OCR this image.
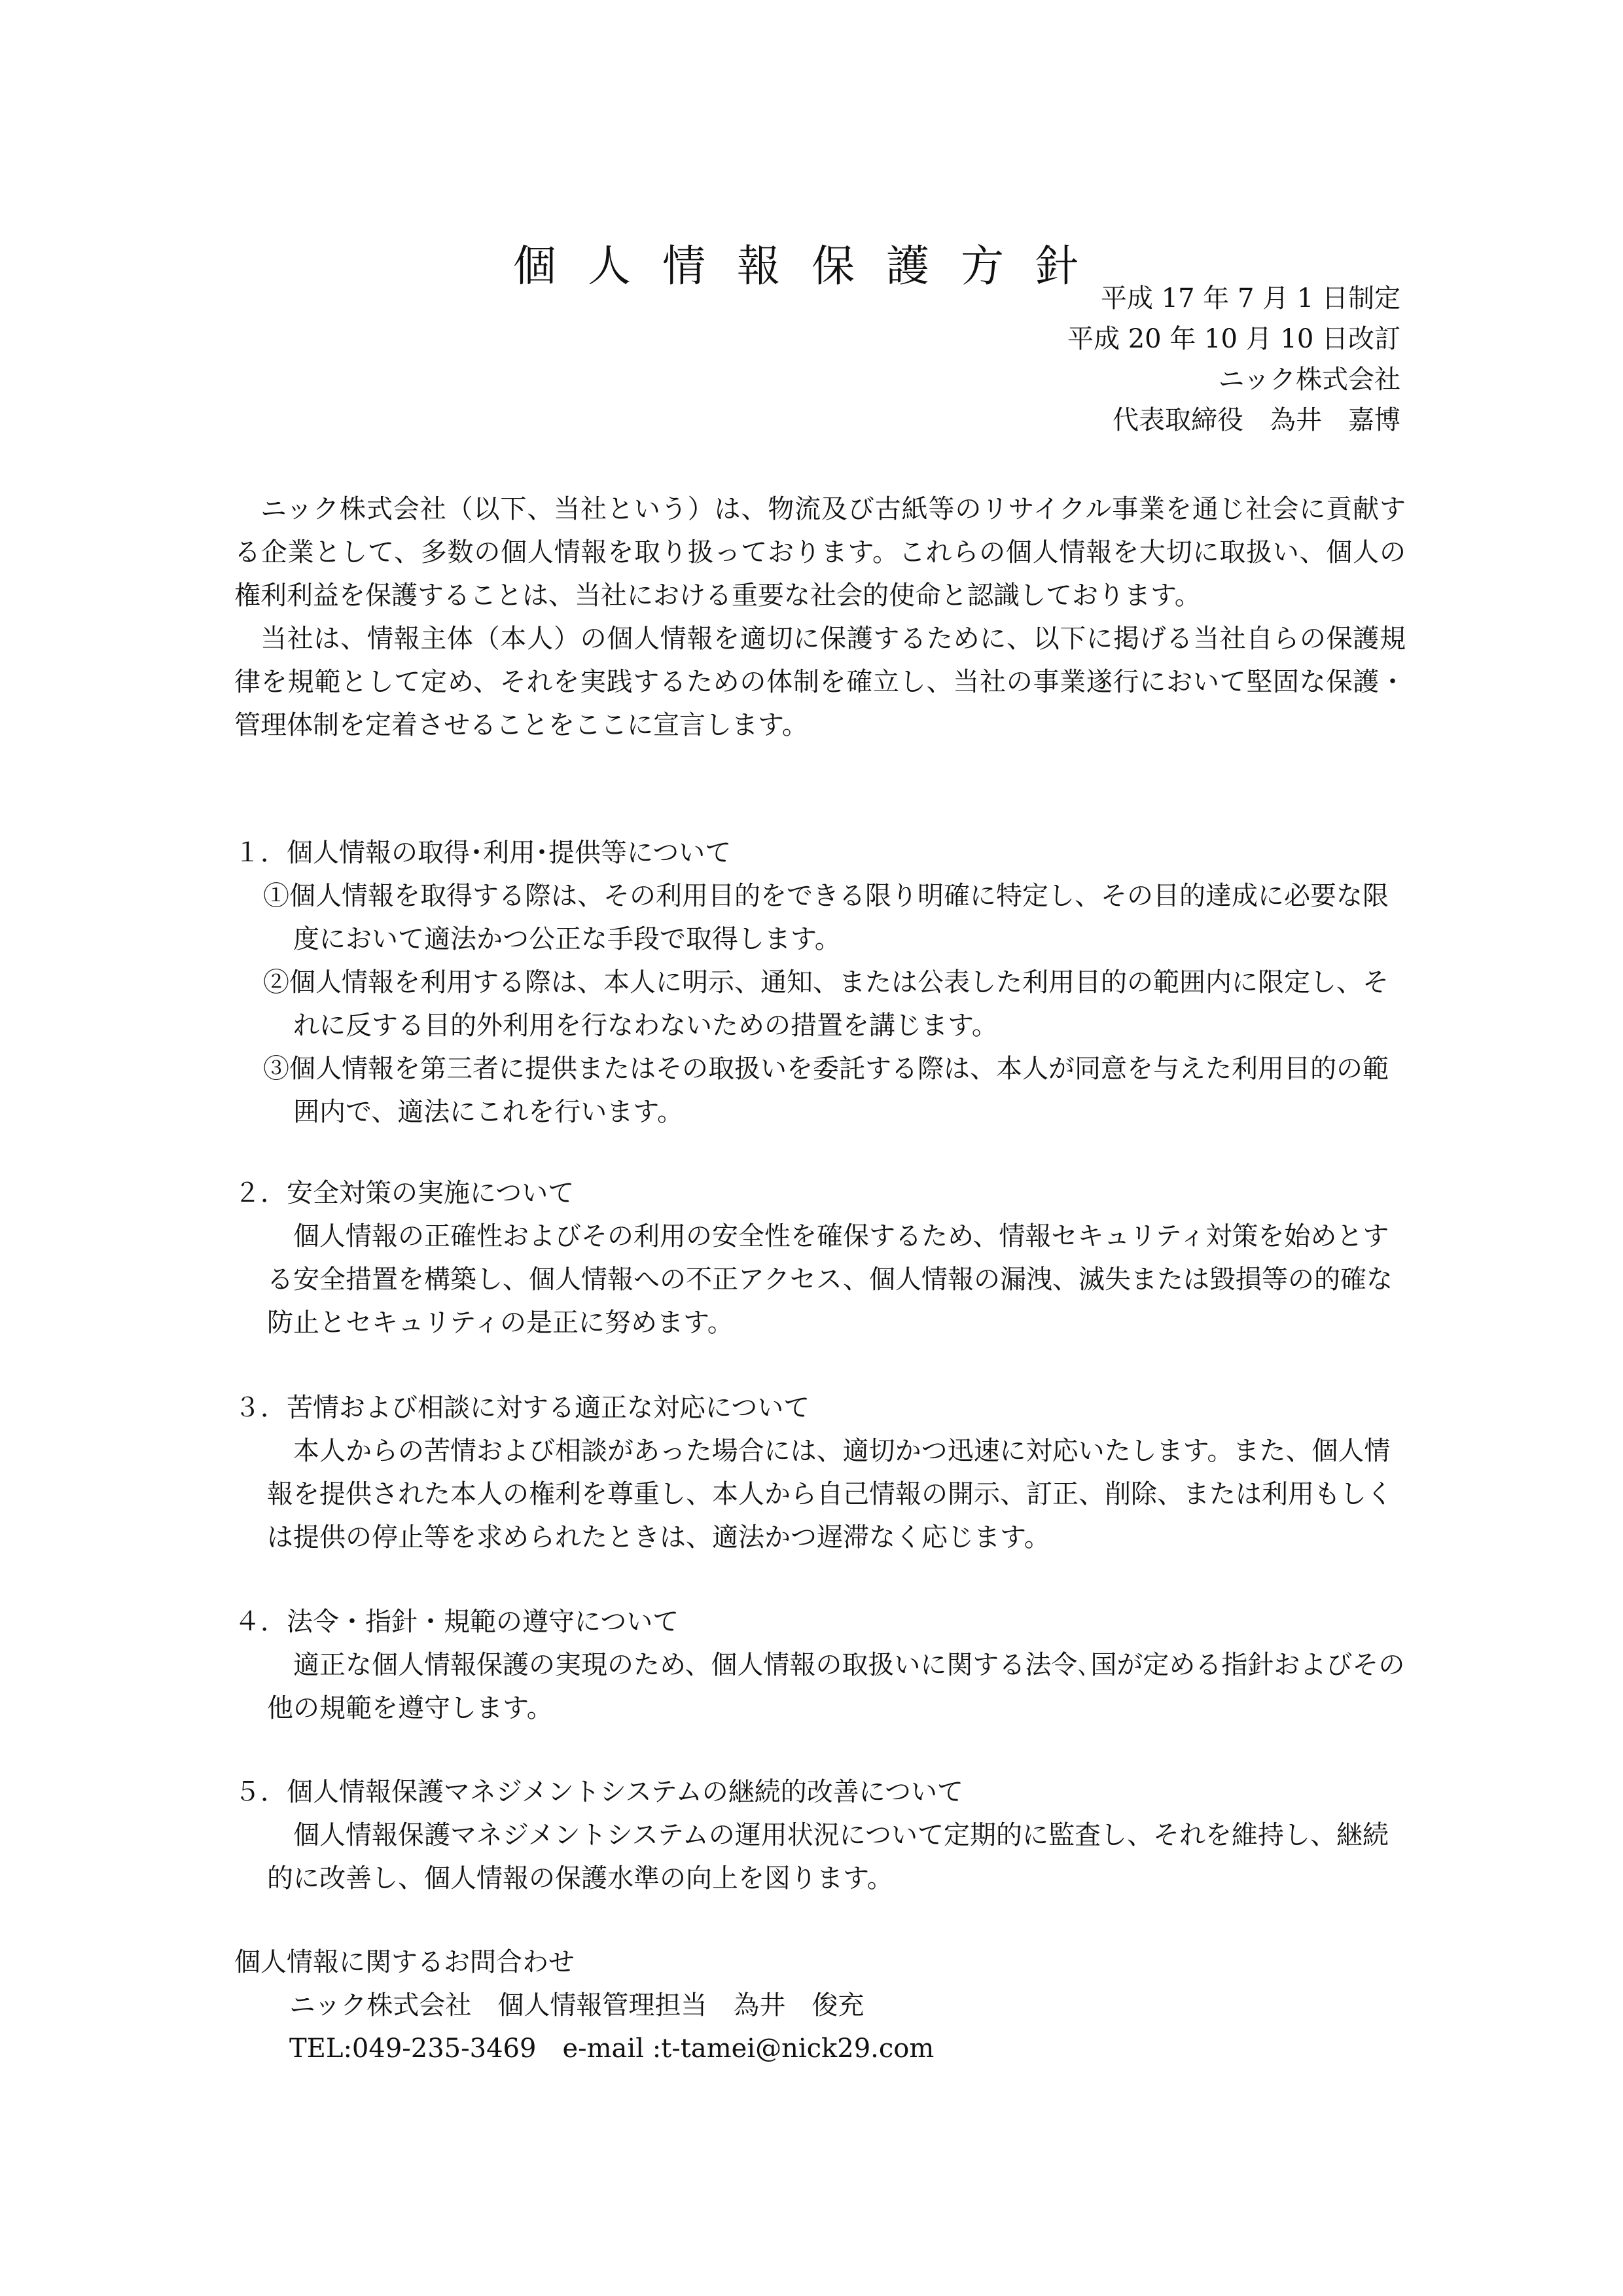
個人情報保護方針
平成 17 年 7 月 1 日制定
平成 20 年 10 月 10 日改訂
ニック株式会社
代表取締役　為井　嘉博

ニック株式会社（以下、当社という）は、物流及び古紙等のリサイクル事業を通じ社会に貢献する企業として、多数の個人情報を取り扱っております。これらの個人情報を大切に取扱い、個人の権利利益を保護することは、当社における重要な社会的使命と認識しております。

当社は、情報主体（本人）の個人情報を適切に保護するために、以下に掲げる当社自らの保護規律を規範として定め、それを実践するための体制を確立し、当社の事業遂行において堅固な保護・管理体制を定着させることをここに宣言します。

１．個人情報の取得･利用･提供等について

①個人情報を取得する際は、その利用目的をできる限り明確に特定し、その目的達成に必要な限度において適法かつ公正な手段で取得します。

②個人情報を利用する際は、本人に明示、通知、または公表した利用目的の範囲内に限定し、それに反する目的外利用を行なわないための措置を講じます。

③個人情報を第三者に提供またはその取扱いを委託する際は、本人が同意を与えた利用目的の範囲内で、適法にこれを行います。

２．安全対策の実施について

個人情報の正確性およびその利用の安全性を確保するため、情報セキュリティ対策を始めとする安全措置を構築し、個人情報への不正アクセス、個人情報の漏洩、滅失または毀損等の的確な防止とセキュリティの是正に努めます。

３．苦情および相談に対する適正な対応について

本人からの苦情および相談があった場合には、適切かつ迅速に対応いたします。また、個人情報を提供された本人の権利を尊重し、本人から自己情報の開示、訂正、削除、または利用もしくは提供の停止等を求められたときは、適法かつ遅滞なく応じます。

４．法令・指針・規範の遵守について

適正な個人情報保護の実現のため、個人情報の取扱いに関する法令､国が定める指針およびその他の規範を遵守します。

５．個人情報保護マネジメントシステムの継続的改善について

個人情報保護マネジメントシステムの運用状況について定期的に監査し、それを維持し、継続的に改善し、個人情報の保護水準の向上を図ります。

個人情報に関するお問合わせ

ニック株式会社　個人情報管理担当　為井　俊充

TEL:049-235-3469　e-mail :t-tamei@nick29.com
